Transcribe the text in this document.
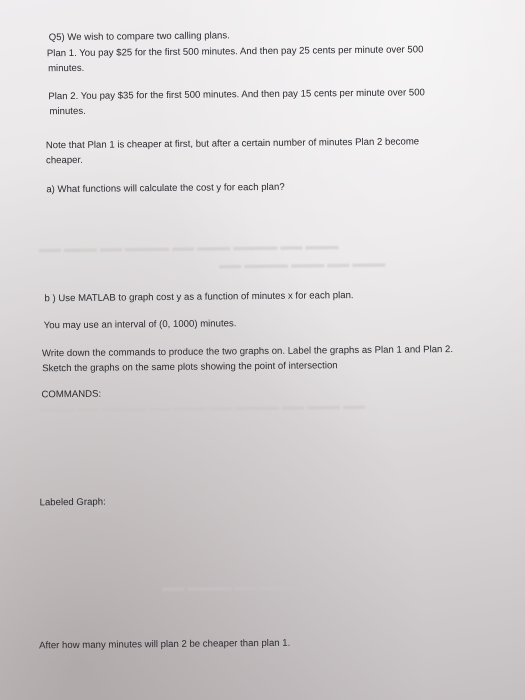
▬▬ ▬▬▬ ▬▬ ▬▬▬▬ ▬▬ ▬▬▬ ▬▬▬▬ ▬▬ ▬▬▬
▬▬ ▬▬▬▬ ▬▬▬ ▬▬ ▬▬▬
▬▬▬ ▬▬ ▬▬▬▬ ▬▬ ▬▬▬ ▬▬ ▬▬▬▬ ▬▬ ▬▬▬ ▬▬
▬▬ ▬▬▬▬ ▬▬ ▬▬▬
Q5) We wish to compare two calling plans.
Plan 1. You pay $25 for the first 500 minutes. And then pay 25 cents per minute over 500
minutes.
Plan 2. You pay $35 for the first 500 minutes. And then pay 15 cents per minute over 500
minutes.
Note that Plan 1 is cheaper at first, but after a certain number of minutes Plan 2 become
cheaper.
a) What functions will calculate the cost y for each plan?
b ) Use MATLAB to graph cost y as a function of minutes x for each plan.
You may use an interval of (0, 1000) minutes.
Write down the commands to produce the two graphs on. Label the graphs as Plan 1 and Plan 2.
Sketch the graphs on the same plots showing the point of intersection
COMMANDS:
Labeled Graph:
After how many minutes will plan 2 be cheaper than plan 1.
